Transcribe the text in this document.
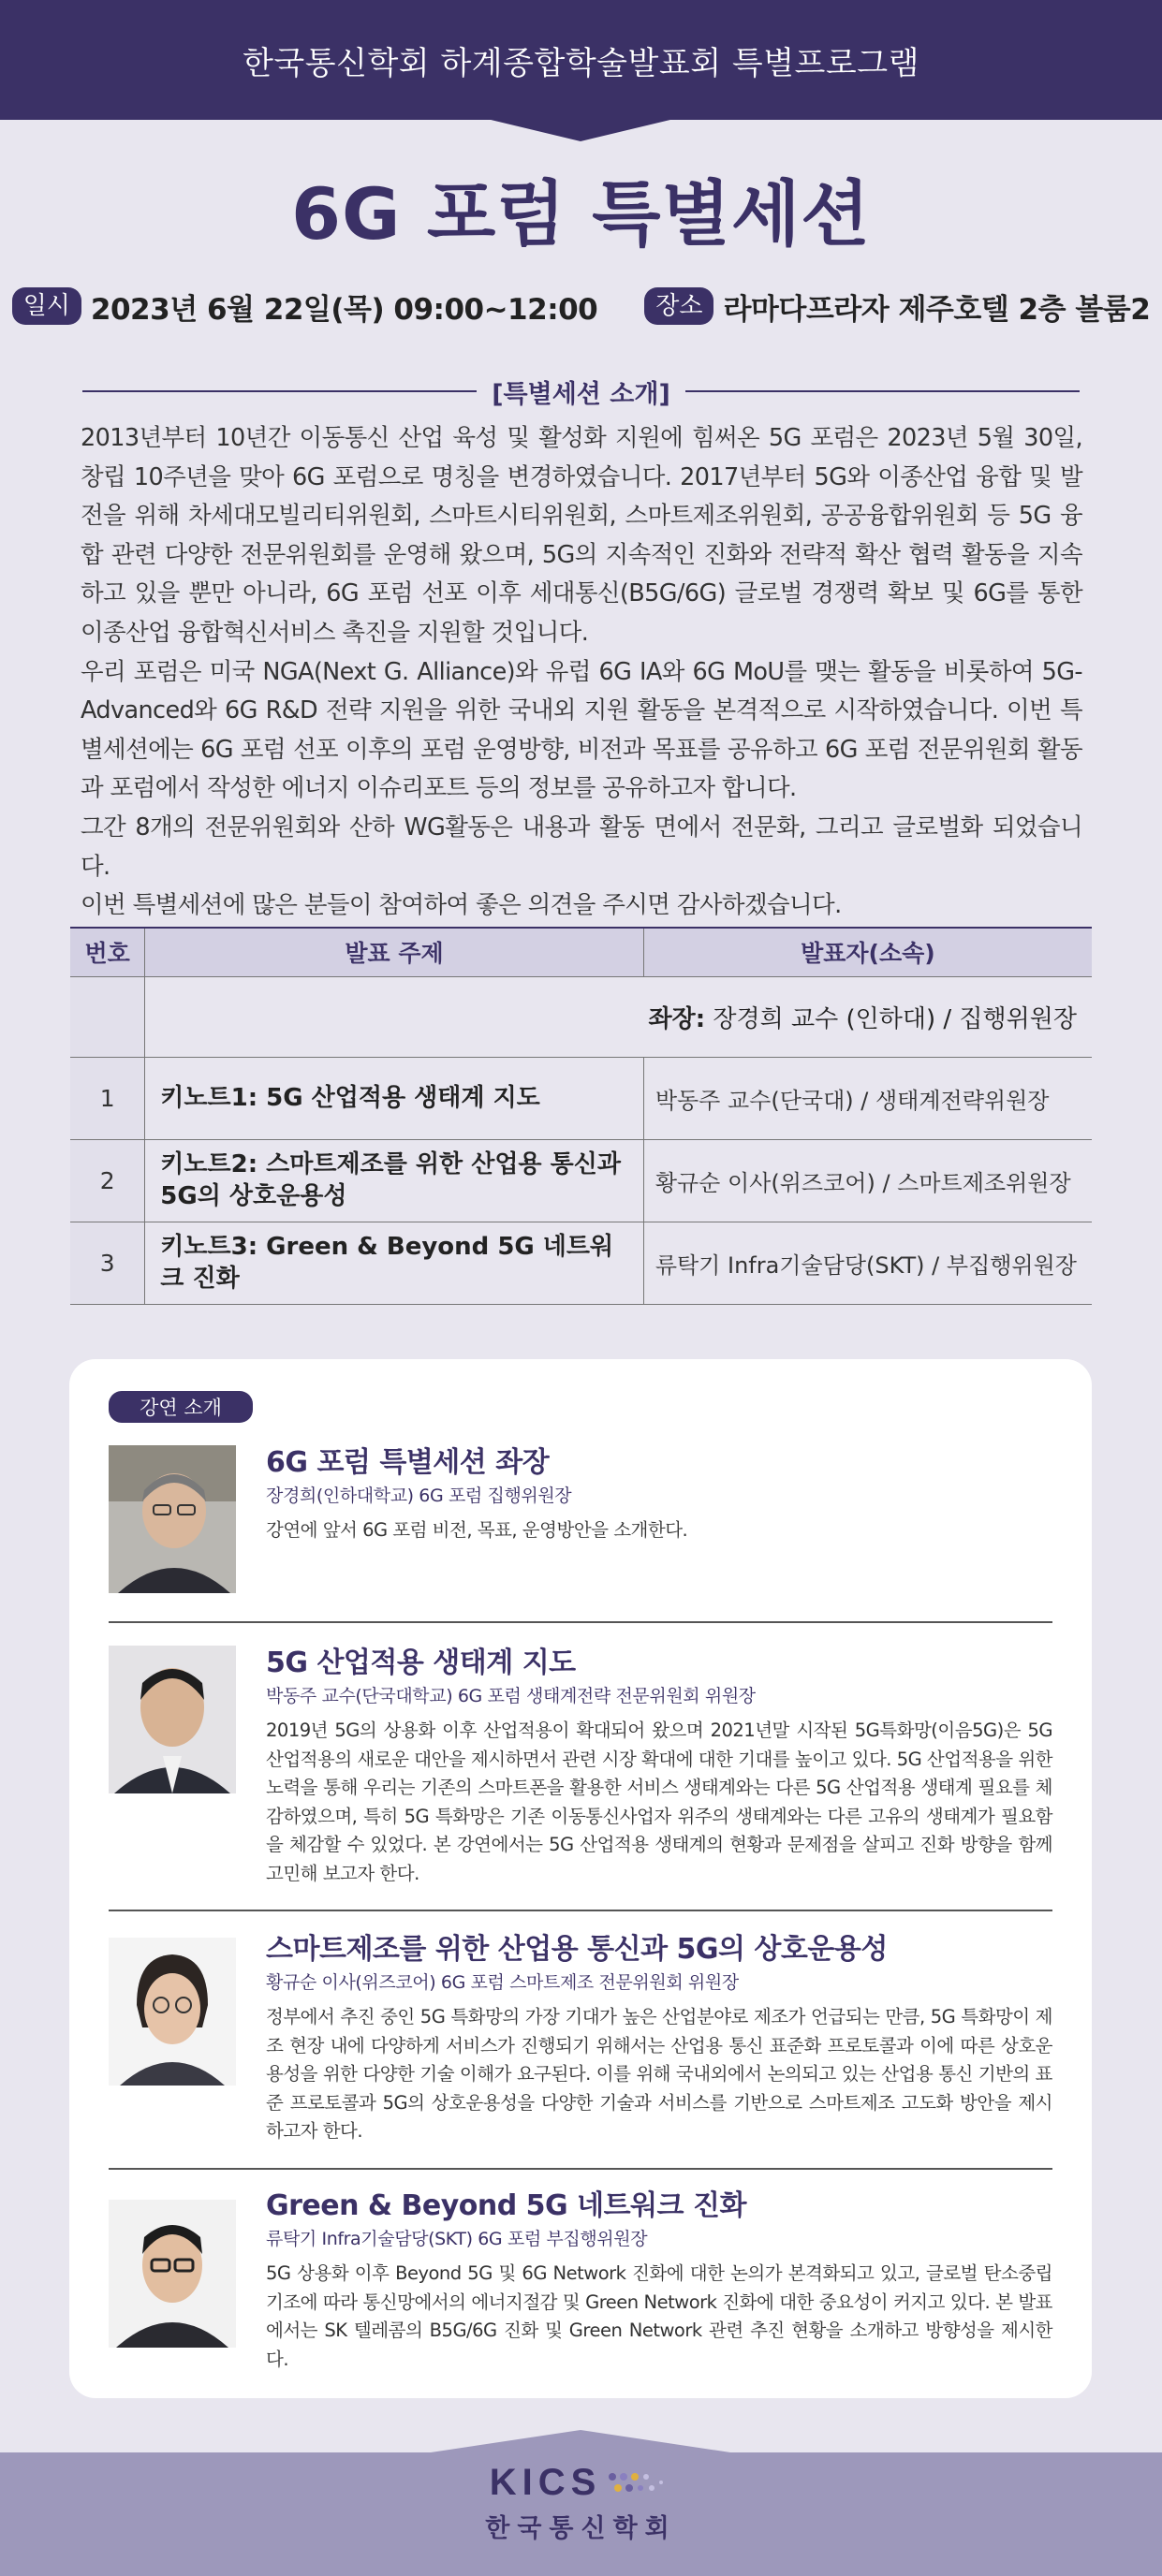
한국통신학회 하계종합학술발표회 특별프로그램
6G 포럼 특별세션
일시 2023년 6월 22일(목) 09:00~12:00	장소 라마다프라자 제주호텔 2층 볼룸2
[특별세션 소개]

2013년부터 10년간 이동통신 산업 육성 및 활성화 지원에 힘써온 5G 포럼은 2023년 5월 30일, 창립 10주년을 맞아 6G 포럼으로 명칭을 변경하였습니다. 2017년부터 5G와 이종산업 융합 및 발전을 위해 차세대모빌리티위원회, 스마트시티위원회, 스마트제조위원회, 공공융합위원회 등 5G 융합 관련 다양한 전문위원회를 운영해 왔으며, 5G의 지속적인 진화와 전략적 확산 협력 활동을 지속하고 있을 뿐만 아니라, 6G 포럼 선포 이후 세대통신(B5G/6G) 글로벌 경쟁력 확보 및 6G를 통한 이종산업 융합혁신서비스 촉진을 지원할 것입니다.

우리 포럼은 미국 NGA(Next G. Alliance)와 유럽 6G IA와 6G MoU를 맺는 활동을 비롯하여 5G-Advanced와 6G R&D 전략 지원을 위한 국내외 지원 활동을 본격적으로 시작하였습니다. 이번 특별세션에는 6G 포럼 선포 이후의 포럼 운영방향, 비전과 목표를 공유하고 6G 포럼 전문위원회 활동과 포럼에서 작성한 에너지 이슈리포트 등의 정보를 공유하고자 합니다.

그간 8개의 전문위원회와 산하 WG활동은 내용과 활동 면에서 전문화, 그리고 글로벌화 되었습니다.

이번 특별세션에 많은 분들이 참여하여 좋은 의견을 주시면 감사하겠습니다.

번호	발표 주제	발표자(소속)
	좌장: 장경희 교수 (인하대) / 집행위원장	
1	키노트1: 5G 산업적용 생태계 지도	박동주 교수(단국대) / 생태계전략위원장
2	키노트2: 스마트제조를 위한 산업용 통신과 5G의 상호운용성	황규순 이사(위즈코어) / 스마트제조위원장
3	키노트3: Green & Beyond 5G 네트워크 진화	류탁기 Infra기술담당(SKT) / 부집행위원장
강연 소개
6G 포럼 특별세션 좌장
장경희(인하대학교) 6G 포럼 집행위원장
강연에 앞서 6G 포럼 비전, 목표, 운영방안을 소개한다.
5G 산업적용 생태계 지도
박동주 교수(단국대학교) 6G 포럼 생태계전략 전문위원회 위원장
2019년 5G의 상용화 이후 산업적용이 확대되어 왔으며 2021년말 시작된 5G특화망(이음5G)은 5G 산업적용의 새로운 대안을 제시하면서 관련 시장 확대에 대한 기대를 높이고 있다. 5G 산업적용을 위한 노력을 통해 우리는 기존의 스마트폰을 활용한 서비스 생태계와는 다른 5G 산업적용 생태계 필요를 체감하였으며, 특히 5G 특화망은 기존 이동통신사업자 위주의 생태계와는 다른 고유의 생태계가 필요함을 체감할 수 있었다. 본 강연에서는 5G 산업적용 생태계의 현황과 문제점을 살피고 진화 방향을 함께 고민해 보고자 한다.
스마트제조를 위한 산업용 통신과 5G의 상호운용성
황규순 이사(위즈코어) 6G 포럼 스마트제조 전문위원회 위원장
정부에서 추진 중인 5G 특화망의 가장 기대가 높은 산업분야로 제조가 언급되는 만큼, 5G 특화망이 제조 현장 내에 다양하게 서비스가 진행되기 위해서는 산업용 통신 표준화 프로토콜과 이에 따른 상호운용성을 위한 다양한 기술 이해가 요구된다. 이를 위해 국내외에서 논의되고 있는 산업용 통신 기반의 표준 프로토콜과 5G의 상호운용성을 다양한 기술과 서비스를 기반으로 스마트제조 고도화 방안을 제시하고자 한다.
Green & Beyond 5G 네트워크 진화
류탁기 Infra기술담당(SKT) 6G 포럼 부집행위원장
5G 상용화 이후 Beyond 5G 및 6G Network 진화에 대한 논의가 본격화되고 있고, 글로벌 탄소중립 기조에 따라 통신망에서의 에너지절감 및 Green Network 진화에 대한 중요성이 커지고 있다. 본 발표에서는 SK 텔레콤의 B5G/6G 진화 및 Green Network 관련 추진 현황을 소개하고 방향성을 제시한다.
KICS
한국통신학회
